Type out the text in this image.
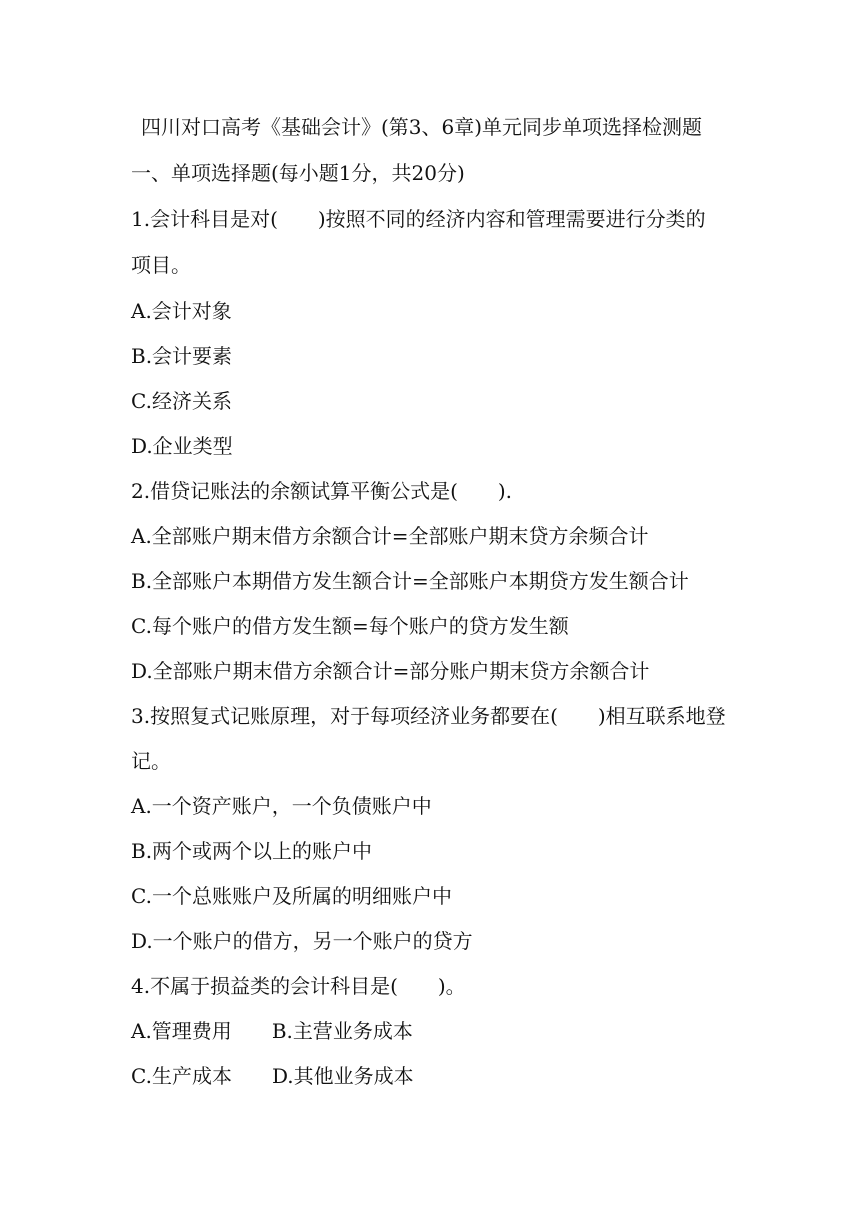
四川对口高考《基础会计》(第3、6章)单元同步单项选择检测题
一、单项选择题(每小题1分，共20分)
1.会计科目是对(　　)按照不同的经济内容和管理需要进行分类的
项目。
A.会计对象
B.会计要素
C.经济关系
D.企业类型
2.借贷记账法的余额试算平衡公式是(　　).
A.全部账户期末借方余额合计=全部账户期末贷方余频合计
B.全部账户本期借方发生额合计=全部账户本期贷方发生额合计
C.每个账户的借方发生额=每个账户的贷方发生额
D.全部账户期末借方余额合计=部分账户期末贷方余额合计
3.按照复式记账原理，对于每项经济业务都要在(　　)相互联系地登
记。
A.一个资产账户，一个负债账户中
B.两个或两个以上的账户中
C.一个总账账户及所属的明细账户中
D.一个账户的借方，另一个账户的贷方
4.不属于损益类的会计科目是(　　)。
A.管理费用 B.主营业务成本
C.生产成本 D.其他业务成本
